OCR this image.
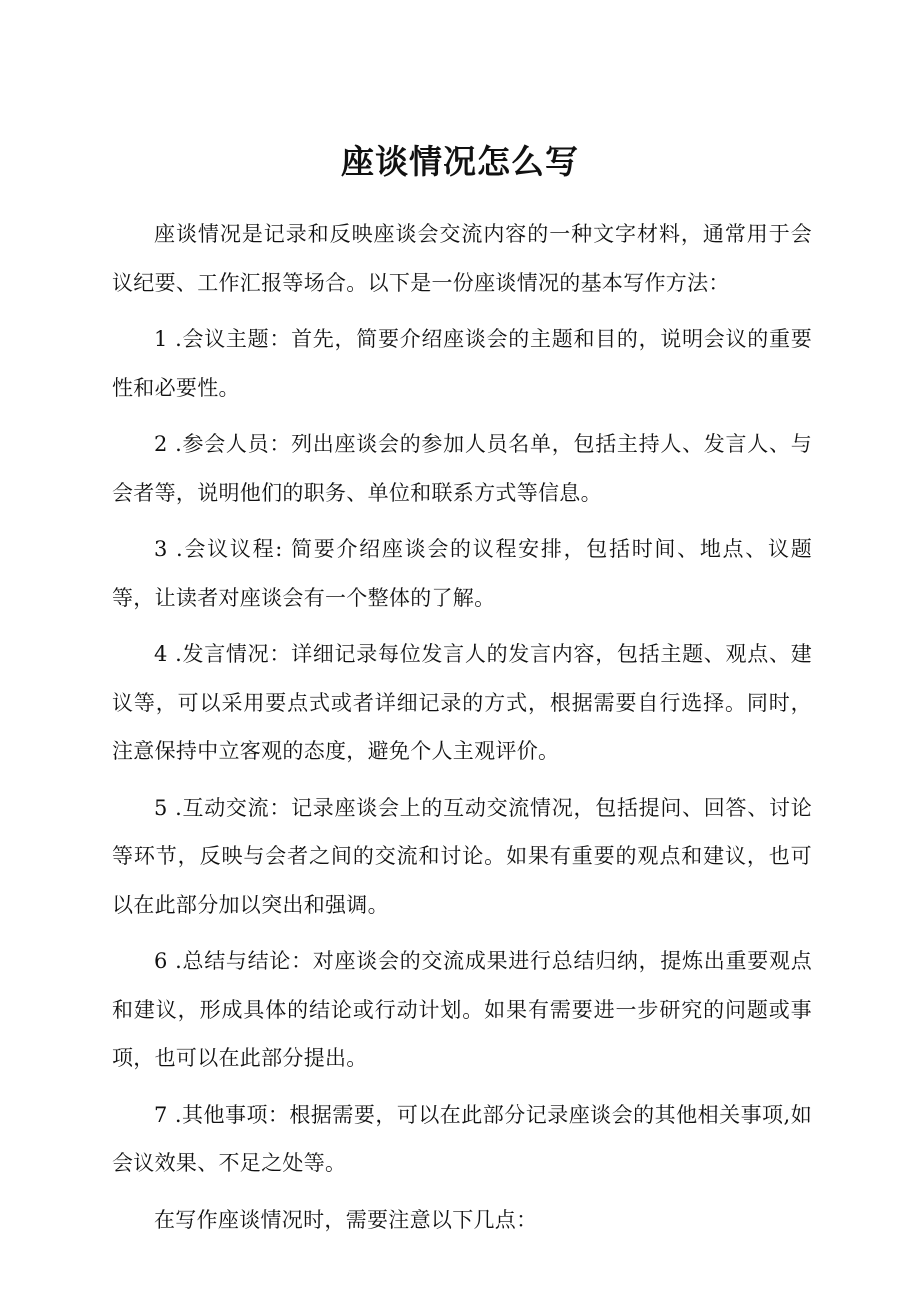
座谈情况怎么写

座谈情况是记录和反映座谈会交流内容的一种文字材料，通常用于会议纪要、工作汇报等场合。以下是一份座谈情况的基本写作方法：

1 .会议主题：首先，简要介绍座谈会的主题和目的，说明会议的重要性和必要性。

2 .参会人员：列出座谈会的参加人员名单，包括主持人、发言人、与会者等，说明他们的职务、单位和联系方式等信息。

3 .会议议程: 简要介绍座谈会的议程安排，包括时间、地点、议题等，让读者对座谈会有一个整体的了解。

4 .发言情况：详细记录每位发言人的发言内容，包括主题、观点、建议等，可以采用要点式或者详细记录的方式，根据需要自行选择。同时，注意保持中立客观的态度，避免个人主观评价。

5 .互动交流：记录座谈会上的互动交流情况，包括提问、回答、讨论等环节，反映与会者之间的交流和讨论。如果有重要的观点和建议，也可以在此部分加以突出和强调。

6 .总结与结论：对座谈会的交流成果进行总结归纳，提炼出重要观点和建议，形成具体的结论或行动计划。如果有需要进一步研究的问题或事项，也可以在此部分提出。

7 .其他事项：根据需要，可以在此部分记录座谈会的其他相关事项,如会议效果、不足之处等。

在写作座谈情况时，需要注意以下几点：
